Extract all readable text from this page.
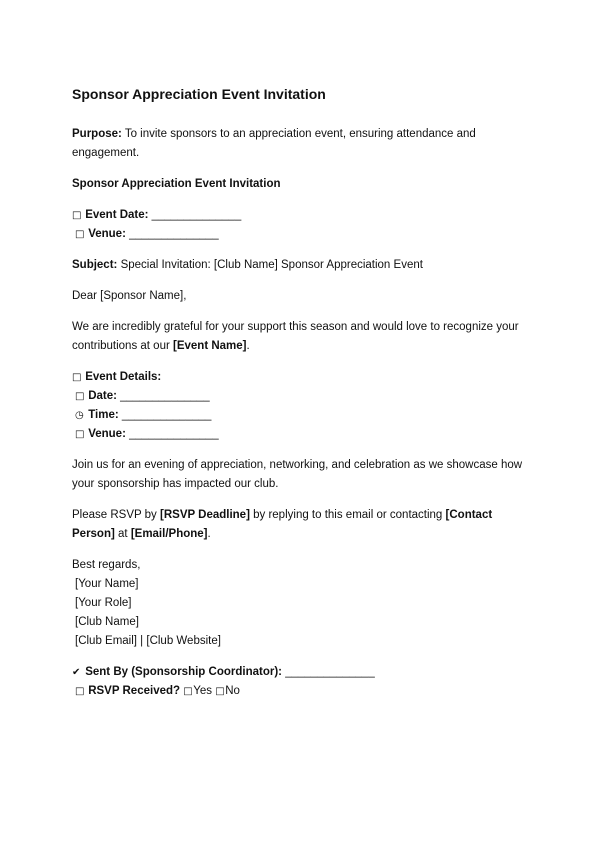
Sponsor Appreciation Event Invitation

Purpose: To invite sponsors to an appreciation event, ensuring attendance and engagement.

Sponsor Appreciation Event Invitation

□ Event Date: ______________
□ Venue: ______________

Subject: Special Invitation: [Club Name] Sponsor Appreciation Event

Dear [Sponsor Name],

We are incredibly grateful for your support this season and would love to recognize your contributions at our [Event Name].

□ Event Details:
□ Date: ______________
◷ Time: ______________
□ Venue: ______________

Join us for an evening of appreciation, networking, and celebration as we showcase how your sponsorship has impacted our club.

Please RSVP by [RSVP Deadline] by replying to this email or contacting [Contact Person] at [Email/Phone].

Best regards,
[Your Name]
[Your Role]
[Club Name]
[Club Email] | [Club Website]
✔ Sent By (Sponsorship Coordinator): ______________
□ RSVP Received? □Yes □No
